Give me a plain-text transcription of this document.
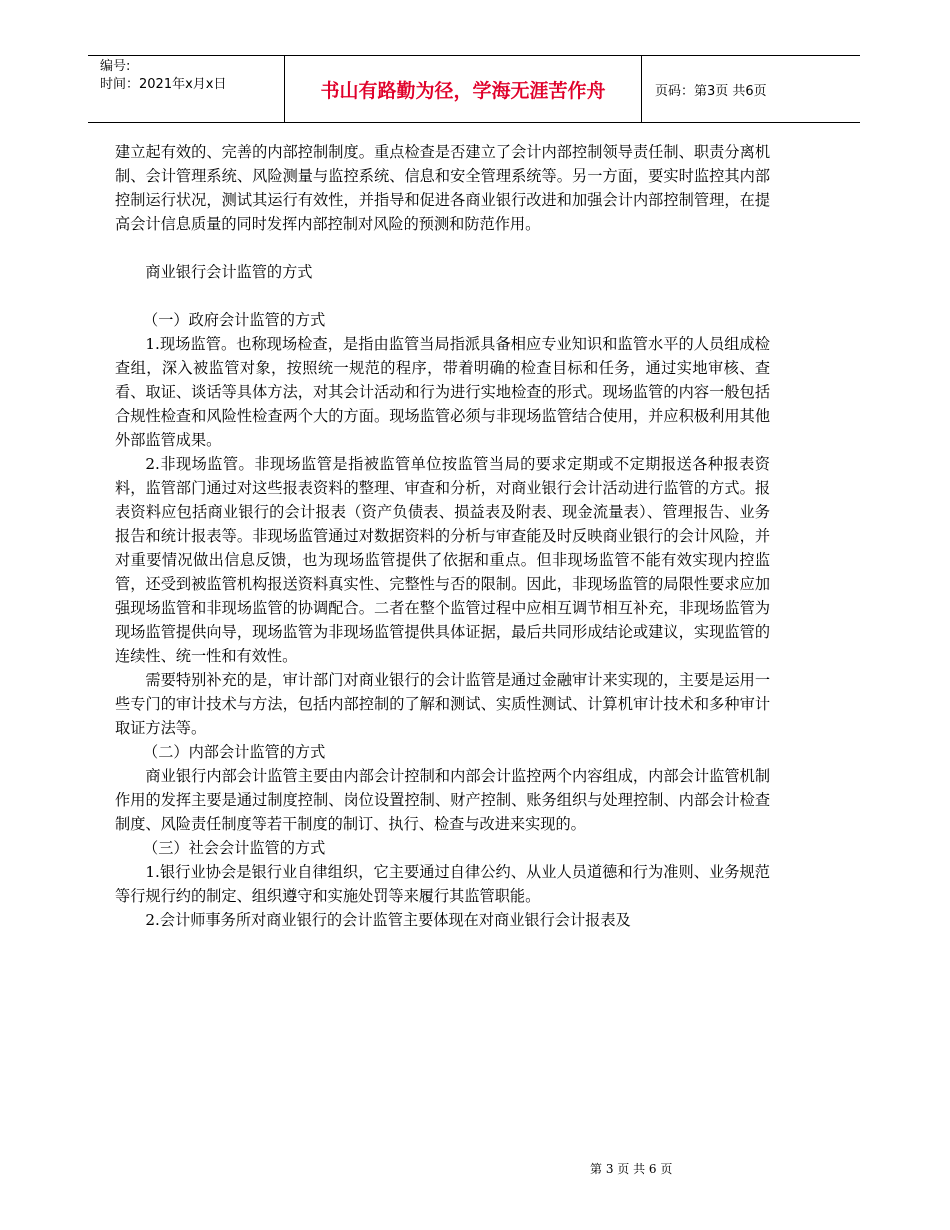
编号:
时间：2021年x月x日	书山有路勤为径，学海无涯苦作舟	页码：第3页 共6页

建立起有效的、完善的内部控制制度。重点检查是否建立了会计内部控制领导责任制、职责分离机制、会计管理系统、风险测量与监控系统、信息和安全管理系统等。另一方面，要实时监控其内部控制运行状况，测试其运行有效性，并指导和促进各商业银行改进和加强会计内部控制管理，在提高会计信息质量的同时发挥内部控制对风险的预测和防范作用。

商业银行会计监管的方式

（一）政府会计监管的方式

1.现场监管。也称现场检查，是指由监管当局指派具备相应专业知识和监管水平的人员组成检查组，深入被监管对象，按照统一规范的程序，带着明确的检查目标和任务，通过实地审核、查看、取证、谈话等具体方法，对其会计活动和行为进行实地检查的形式。现场监管的内容一般包括合规性检查和风险性检查两个大的方面。现场监管必须与非现场监管结合使用，并应积极利用其他外部监管成果。

2.非现场监管。非现场监管是指被监管单位按监管当局的要求定期或不定期报送各种报表资料，监管部门通过对这些报表资料的整理、审查和分析，对商业银行会计活动进行监管的方式。报表资料应包括商业银行的会计报表（资产负债表、损益表及附表、现金流量表）、管理报告、业务报告和统计报表等。非现场监管通过对数据资料的分析与审查能及时反映商业银行的会计风险，并对重要情况做出信息反馈，也为现场监管提供了依据和重点。但非现场监管不能有效实现内控监管，还受到被监管机构报送资料真实性、完整性与否的限制。因此，非现场监管的局限性要求应加强现场监管和非现场监管的协调配合。二者在整个监管过程中应相互调节相互补充，非现场监管为现场监管提供向导，现场监管为非现场监管提供具体证据，最后共同形成结论或建议，实现监管的连续性、统一性和有效性。

需要特别补充的是，审计部门对商业银行的会计监管是通过金融审计来实现的，主要是运用一些专门的审计技术与方法，包括内部控制的了解和测试、实质性测试、计算机审计技术和多种审计取证方法等。

（二）内部会计监管的方式

商业银行内部会计监管主要由内部会计控制和内部会计监控两个内容组成，内部会计监管机制作用的发挥主要是通过制度控制、岗位设置控制、财产控制、账务组织与处理控制、内部会计检查制度、风险责任制度等若干制度的制订、执行、检查与改进来实现的。

（三）社会会计监管的方式

1.银行业协会是银行业自律组织，它主要通过自律公约、从业人员道德和行为准则、业务规范等行规行约的制定、组织遵守和实施处罚等来履行其监管职能。

2.会计师事务所对商业银行的会计监管主要体现在对商业银行会计报表及

第 3 页 共 6 页
